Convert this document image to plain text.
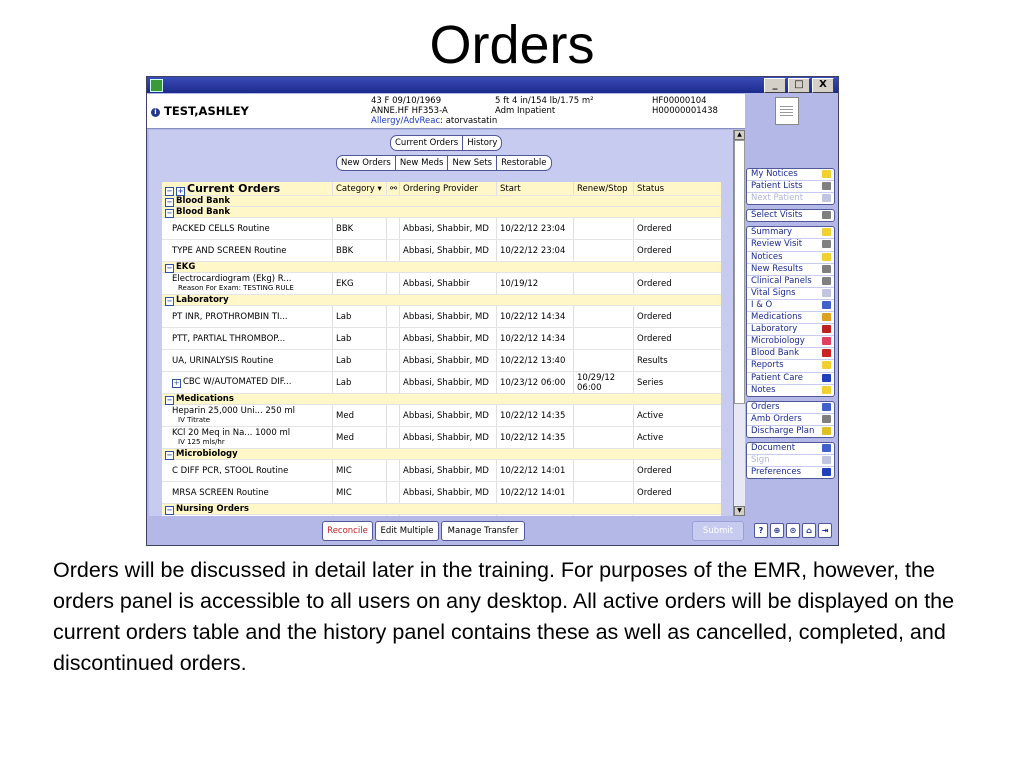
Orders
_	□	X
i TEST,ASHLEY
43 F 09/10/1969
ANNE.HF HF353-A
Allergy/AdvReac: atorvastatin
5 ft 4 in/154 lb/1.75 m²
Adm Inpatient
HF00000104
H00000001438
Current Orders	History
New Orders	New Meds	New Sets	Restorable
− + Current Orders	Category ▾ ⚯ Ordering Provider	Start	Renew/Stop	Status
− Blood Bank
− Blood Bank
PACKED CELLS Routine	BBK	Abbasi, Shabbir, MD 10/22/12 23:04	Ordered
TYPE AND SCREEN Routine	BBK	Abbasi, Shabbir, MD 10/22/12 23:04	Ordered
− EKG
Electrocardiogram (Ekg) R...
Reason For Exam: TESTING RULE	EKG	Abbasi, Shabbir	10/19/12	Ordered
− Laboratory
PT INR, PROTHROMBIN TI...	Lab	Abbasi, Shabbir, MD 10/22/12 14:34	Ordered
PTT, PARTIAL THROMBOP...	Lab	Abbasi, Shabbir, MD 10/22/12 14:34	Ordered
UA, URINALYSIS Routine	Lab	Abbasi, Shabbir, MD 10/22/12 13:40	Results
+ CBC W/AUTOMATED DIF...	Lab	Abbasi, Shabbir, MD 10/23/12 06:00 10/29/12 06:00	Series
− Medications
Heparin 25,000 Uni... 250 ml
IV Titrate	Med	Abbasi, Shabbir, MD 10/22/12 14:35	Active
KCl 20 Meq in Na... 1000 ml
IV 125 mls/hr	Med	Abbasi, Shabbir, MD 10/22/12 14:35	Active
− Microbiology
C DIFF PCR, STOOL Routine	MIC	Abbasi, Shabbir, MD 10/22/12 14:01	Ordered
MRSA SCREEN Routine	MIC	Abbasi, Shabbir, MD 10/22/12 14:01	Ordered
− Nursing Orders
▲
▼
Reconcile	Edit Multiple	Manage Transfer	Submit
My Notices
Patient Lists
Next Patient
Select Visits
Summary
Review Visit
Notices
New Results
Clinical Panels
Vital Signs
I & O
Medications
Laboratory
Microbiology
Blood Bank
Reports
Patient Care
Notes
Orders
Amb Orders
Discharge Plan
Document
Sign
Preferences
?	⊕	⊙	⌂	⇥
Orders will be discussed in detail later in the training. For purposes of the EMR, however, the orders panel is accessible to all users on any desktop. All active orders will be displayed on the current orders table and the history panel contains these as well as cancelled, completed, and discontinued orders.
